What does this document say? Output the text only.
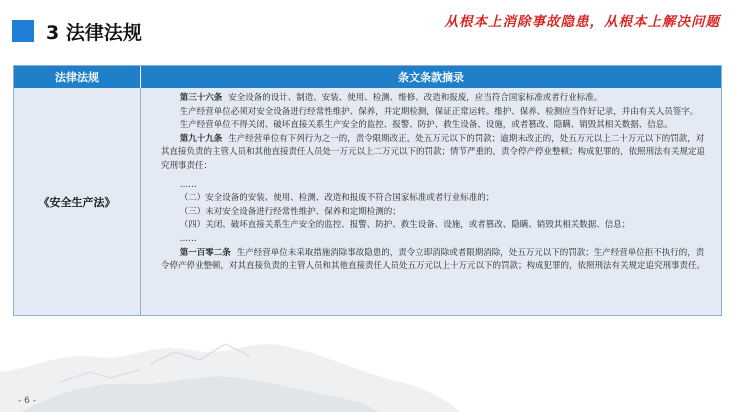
3 法律法规	从根本上消除事故隐患，从根本上解决问题
法律法规	条文条款摘录
《安全生产法》

第三十六条 安全设备的设计、制造、安装、使用、检测、维修、改造和报废，应当符合国家标准或者行业标准。

生产经营单位必须对安全设备进行经常性维护、保养，并定期检测，保证正常运转。维护、保养、检测应当作好记录，并由有关人员签字。

生产经营单位不得关闭、破坏直接关系生产安全的监控、报警、防护、救生设备、设施，或者篡改、隐瞒、销毁其相关数据、信息。

第九十九条 生产经营单位有下列行为之一的，责令限期改正，处五万元以下的罚款；逾期未改正的，处五万元以上二十万元以下的罚款，对其直接负责的主管人员和其他直接责任人员处一万元以上二万元以下的罚款；情节严重的，责令停产停业整顿；构成犯罪的，依照刑法有关规定追究刑事责任：

……

（二）安全设备的安装、使用、检测、改造和报废不符合国家标准或者行业标准的；

（三）未对安全设备进行经常性维护、保养和定期检测的；

（四）关闭、破坏直接关系生产安全的监控、报警、防护、救生设备、设施，或者篡改、隐瞒、销毁其相关数据、信息；

……

第一百零二条 生产经营单位未采取措施消除事故隐患的，责令立即消除或者限期消除，处五万元以下的罚款；生产经营单位拒不执行的，责令停产停业整顿，对其直接负责的主管人员和其他直接责任人员处五万元以上十万元以下的罚款；构成犯罪的，依照刑法有关规定追究刑事责任。

- 6 -
